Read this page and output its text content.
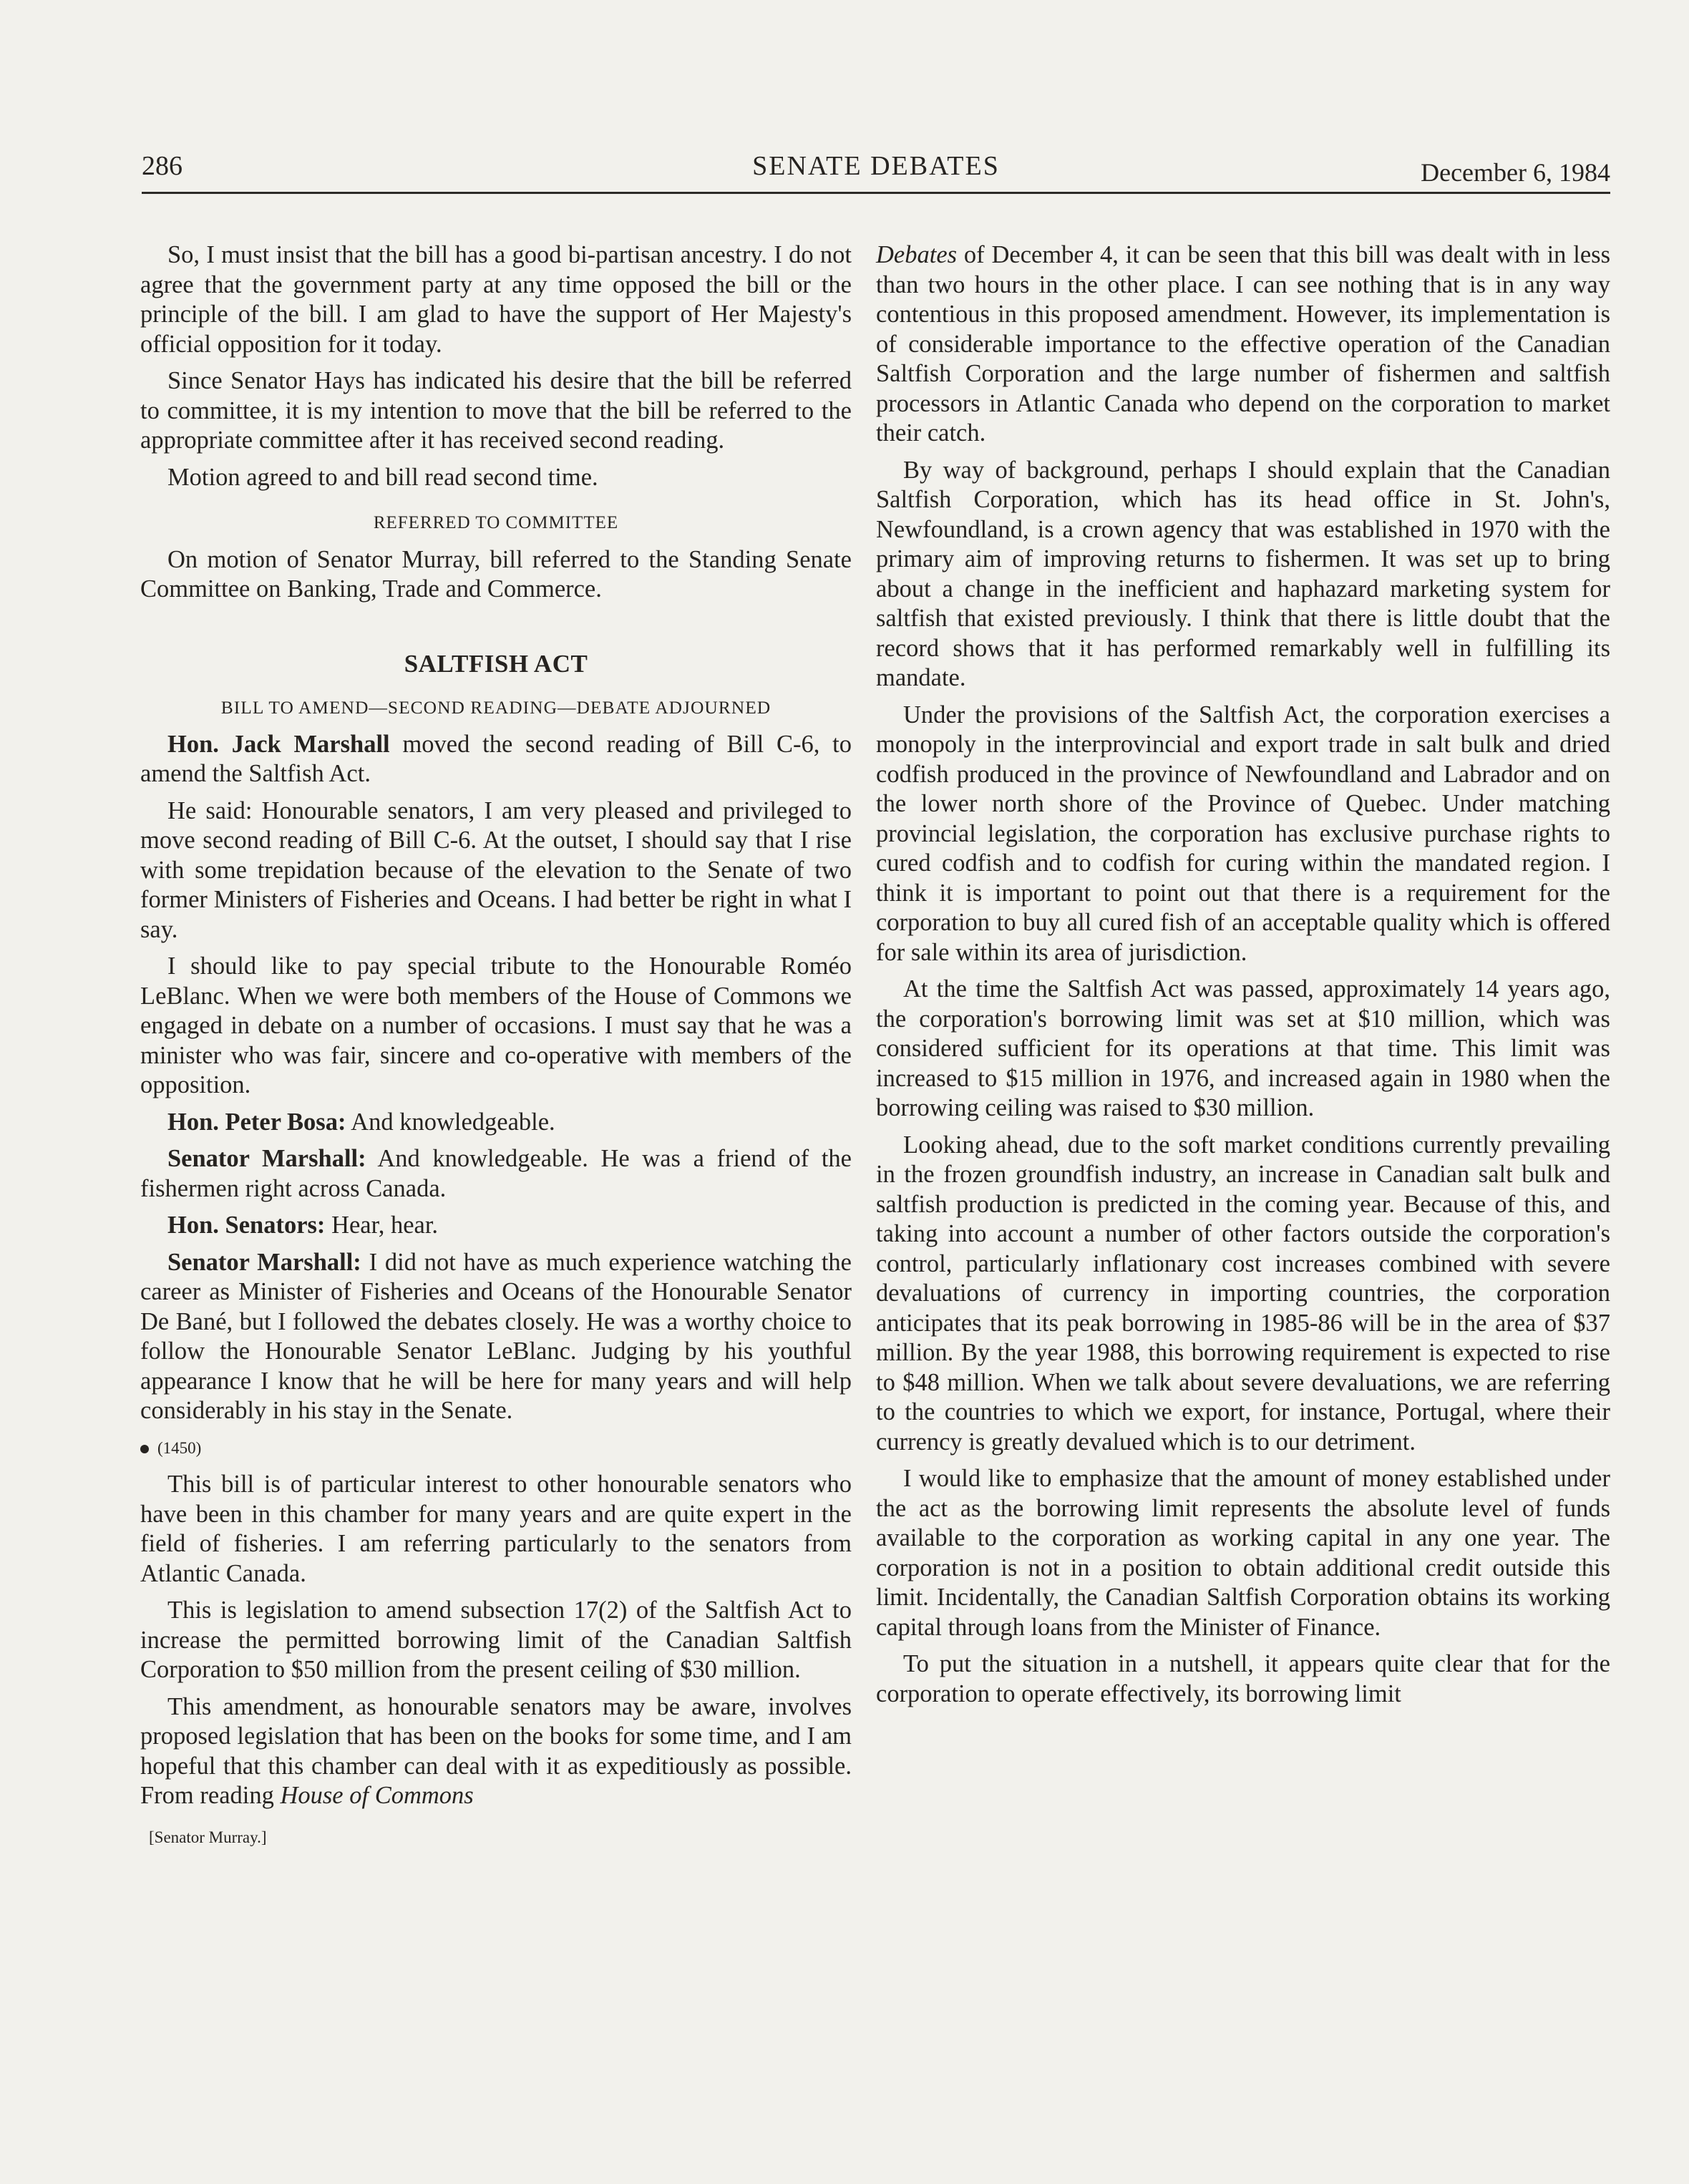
286	SENATE DEBATES	December 6, 1984

So, I must insist that the bill has a good bi-partisan ancestry. I do not agree that the government party at any time opposed the bill or the principle of the bill. I am glad to have the support of Her Majesty's official opposition for it today.

Since Senator Hays has indicated his desire that the bill be referred to committee, it is my intention to move that the bill be referred to the appropriate committee after it has received second reading.

Motion agreed to and bill read second time.

REFERRED TO COMMITTEE

On motion of Senator Murray, bill referred to the Standing Senate Committee on Banking, Trade and Commerce.

SALTFISH ACT
BILL TO AMEND—SECOND READING—DEBATE ADJOURNED

Hon. Jack Marshall moved the second reading of Bill C-6, to amend the Saltfish Act.

He said: Honourable senators, I am very pleased and privileged to move second reading of Bill C-6. At the outset, I should say that I rise with some trepidation because of the elevation to the Senate of two former Ministers of Fisheries and Oceans. I had better be right in what I say.

I should like to pay special tribute to the Honourable Roméo LeBlanc. When we were both members of the House of Commons we engaged in debate on a number of occasions. I must say that he was a minister who was fair, sincere and co-operative with members of the opposition.

Hon. Peter Bosa: And knowledgeable.

Senator Marshall: And knowledgeable. He was a friend of the fishermen right across Canada.

Hon. Senators: Hear, hear.

Senator Marshall: I did not have as much experience watching the career as Minister of Fisheries and Oceans of the Honourable Senator De Bané, but I followed the debates closely. He was a worthy choice to follow the Honourable Senator LeBlanc. Judging by his youthful appearance I know that he will be here for many years and will help considerably in his stay in the Senate.

(1450)

This bill is of particular interest to other honourable senators who have been in this chamber for many years and are quite expert in the field of fisheries. I am referring particularly to the senators from Atlantic Canada.

This is legislation to amend subsection 17(2) of the Saltfish Act to increase the permitted borrowing limit of the Canadian Saltfish Corporation to $50 million from the present ceiling of $30 million.

This amendment, as honourable senators may be aware, involves proposed legislation that has been on the books for some time, and I am hopeful that this chamber can deal with it as expeditiously as possible. From reading House of Commons

[Senator Murray.]

Debates of December 4, it can be seen that this bill was dealt with in less than two hours in the other place. I can see nothing that is in any way contentious in this proposed amendment. However, its implementation is of considerable importance to the effective operation of the Canadian Saltfish Corporation and the large number of fishermen and saltfish processors in Atlantic Canada who depend on the corporation to market their catch.

By way of background, perhaps I should explain that the Canadian Saltfish Corporation, which has its head office in St. John's, Newfoundland, is a crown agency that was established in 1970 with the primary aim of improving returns to fishermen. It was set up to bring about a change in the inefficient and haphazard marketing system for saltfish that existed previously. I think that there is little doubt that the record shows that it has performed remarkably well in fulfilling its mandate.

Under the provisions of the Saltfish Act, the corporation exercises a monopoly in the interprovincial and export trade in salt bulk and dried codfish produced in the province of Newfoundland and Labrador and on the lower north shore of the Province of Quebec. Under matching provincial legislation, the corporation has exclusive purchase rights to cured codfish and to codfish for curing within the mandated region. I think it is important to point out that there is a requirement for the corporation to buy all cured fish of an acceptable quality which is offered for sale within its area of jurisdiction.

At the time the Saltfish Act was passed, approximately 14 years ago, the corporation's borrowing limit was set at $10 million, which was considered sufficient for its operations at that time. This limit was increased to $15 million in 1976, and increased again in 1980 when the borrowing ceiling was raised to $30 million.

Looking ahead, due to the soft market conditions currently prevailing in the frozen groundfish industry, an increase in Canadian salt bulk and saltfish production is predicted in the coming year. Because of this, and taking into account a number of other factors outside the corporation's control, particularly inflationary cost increases combined with severe devaluations of currency in importing countries, the corporation anticipates that its peak borrowing in 1985-86 will be in the area of $37 million. By the year 1988, this borrowing requirement is expected to rise to $48 million. When we talk about severe devaluations, we are referring to the countries to which we export, for instance, Portugal, where their currency is greatly devalued which is to our detriment.

I would like to emphasize that the amount of money established under the act as the borrowing limit represents the absolute level of funds available to the corporation as working capital in any one year. The corporation is not in a position to obtain additional credit outside this limit. Incidentally, the Canadian Saltfish Corporation obtains its working capital through loans from the Minister of Finance.

To put the situation in a nutshell, it appears quite clear that for the corporation to operate effectively, its borrowing limit
